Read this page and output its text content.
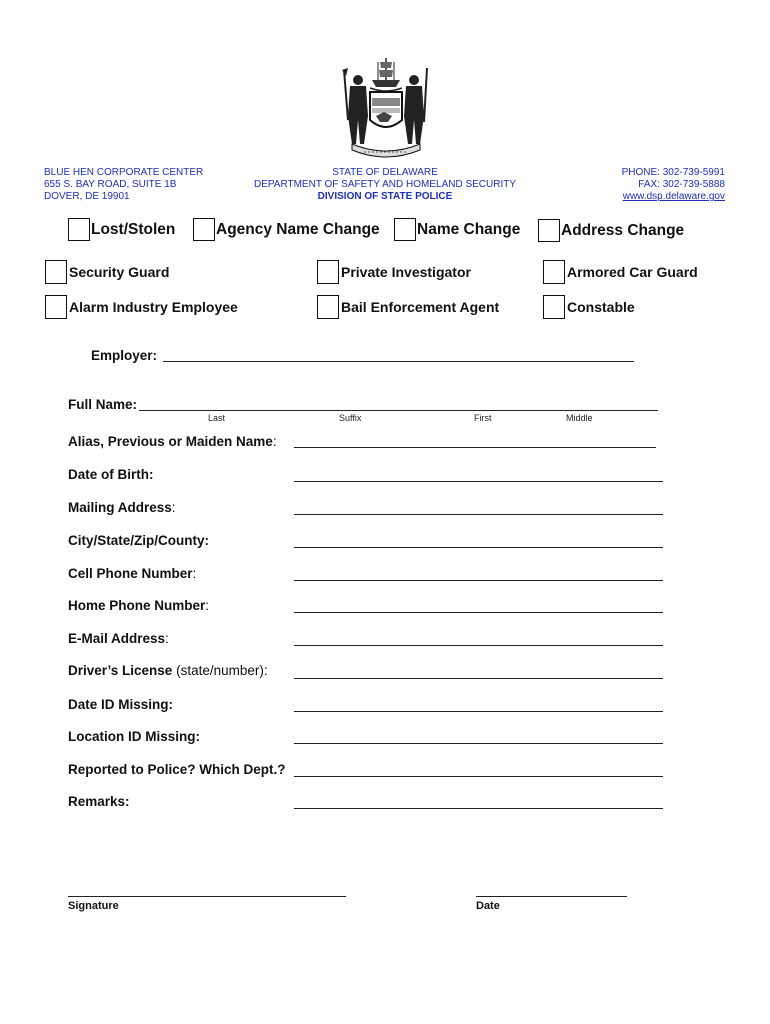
BLUE HEN CORPORATE CENTER
655 S. BAY ROAD, SUITE 1B
DOVER, DE 19901
STATE OF DELAWARE
DEPARTMENT OF SAFETY AND HOMELAND SECURITY
DIVISION OF STATE POLICE
PHONE: 302-739-5991
FAX: 302-739-5888
www.dsp.delaware.gov
Lost/Stolen	Agency Name Change Name Change	Address Change
Security Guard	Private Investigator	Armored Car Guard
Alarm Industry Employee	Bail Enforcement Agent	Constable
Employer:
Full Name:
Last	Suffix	First	Middle
Alias, Previous or Maiden Name:
Date of Birth:
Mailing Address:
City/State/Zip/County:
Cell Phone Number:
Home Phone Number:
E-Mail Address:
Driver’s License (state/number):
Date ID Missing:
Location ID Missing:
Reported to Police? Which Dept.?
Remarks:
Signature	Date
